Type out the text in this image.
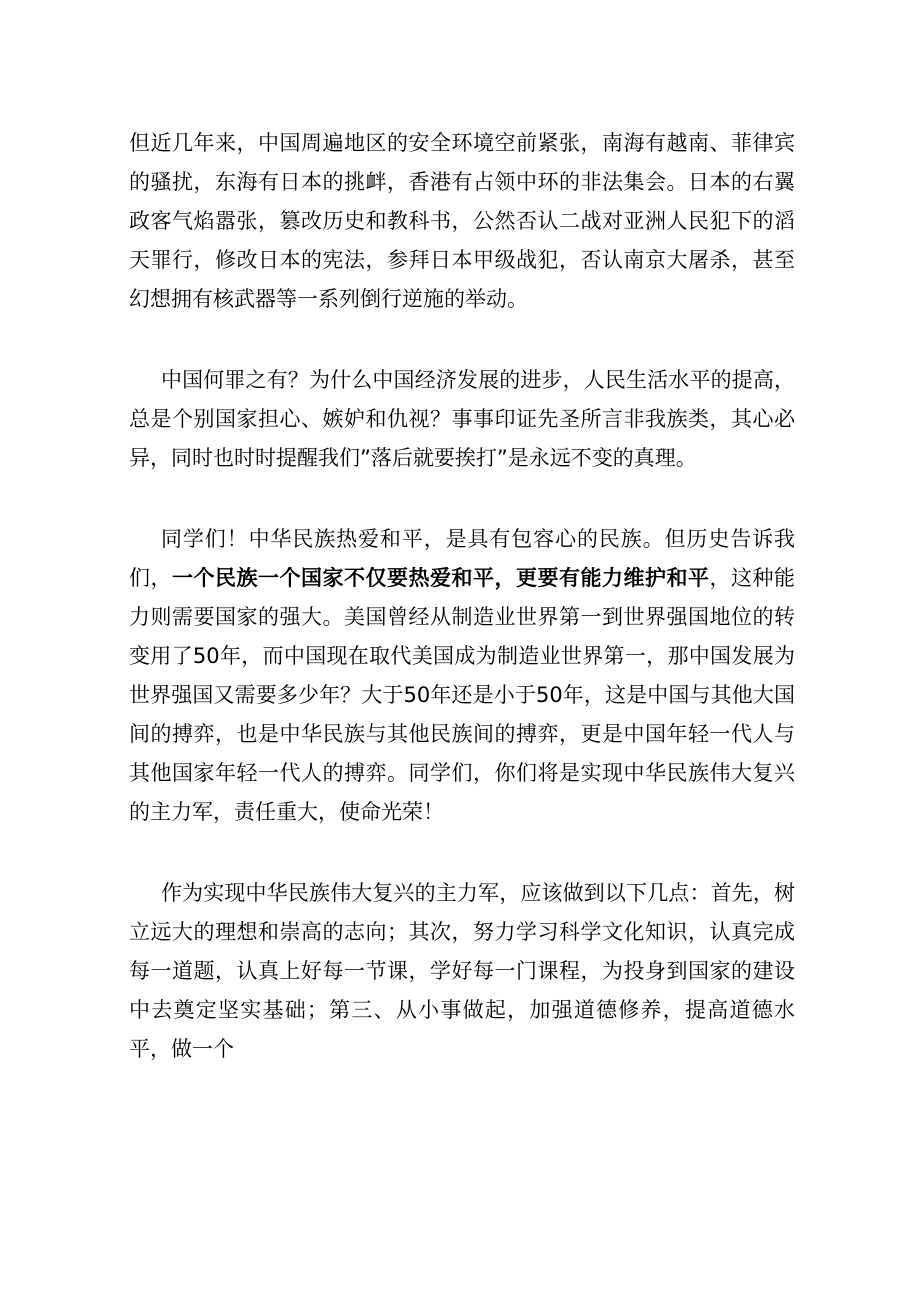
但近几年来，中国周遍地区的安全环境空前紧张，南海有越南、菲律宾的骚扰，东海有日本的挑衅，香港有占领中环的非法集会。日本的右翼政客气焰嚣张，篡改历史和教科书，公然否认二战对亚洲人民犯下的滔天罪行，修改日本的宪法，参拜日本甲级战犯，否认南京大屠杀，甚至幻想拥有核武器等一系列倒行逆施的举动。

中国何罪之有？为什么中国经济发展的进步，人民生活水平的提高，总是个别国家担心、嫉妒和仇视？事事印证先圣所言非我族类，其心必异，同时也时时提醒我们”落后就要挨打”是永远不变的真理。

同学们！中华民族热爱和平，是具有包容心的民族。但历史告诉我们，一个民族一个国家不仅要热爱和平，更要有能力维护和平，这种能力则需要国家的强大。美国曾经从制造业世界第一到世界强国地位的转变用了50年，而中国现在取代美国成为制造业世界第一，那中国发展为世界强国又需要多少年？大于50年还是小于50年，这是中国与其他大国间的搏弈，也是中华民族与其他民族间的搏弈，更是中国年轻一代人与其他国家年轻一代人的搏弈。同学们，你们将是实现中华民族伟大复兴的主力军，责任重大，使命光荣！

作为实现中华民族伟大复兴的主力军，应该做到以下几点：首先，树立远大的理想和崇高的志向；其次，努力学习科学文化知识，认真完成每一道题，认真上好每一节课，学好每一门课程，为投身到国家的建设中去奠定坚实基础；第三、从小事做起，加强道德修养，提高道德水平，做一个
